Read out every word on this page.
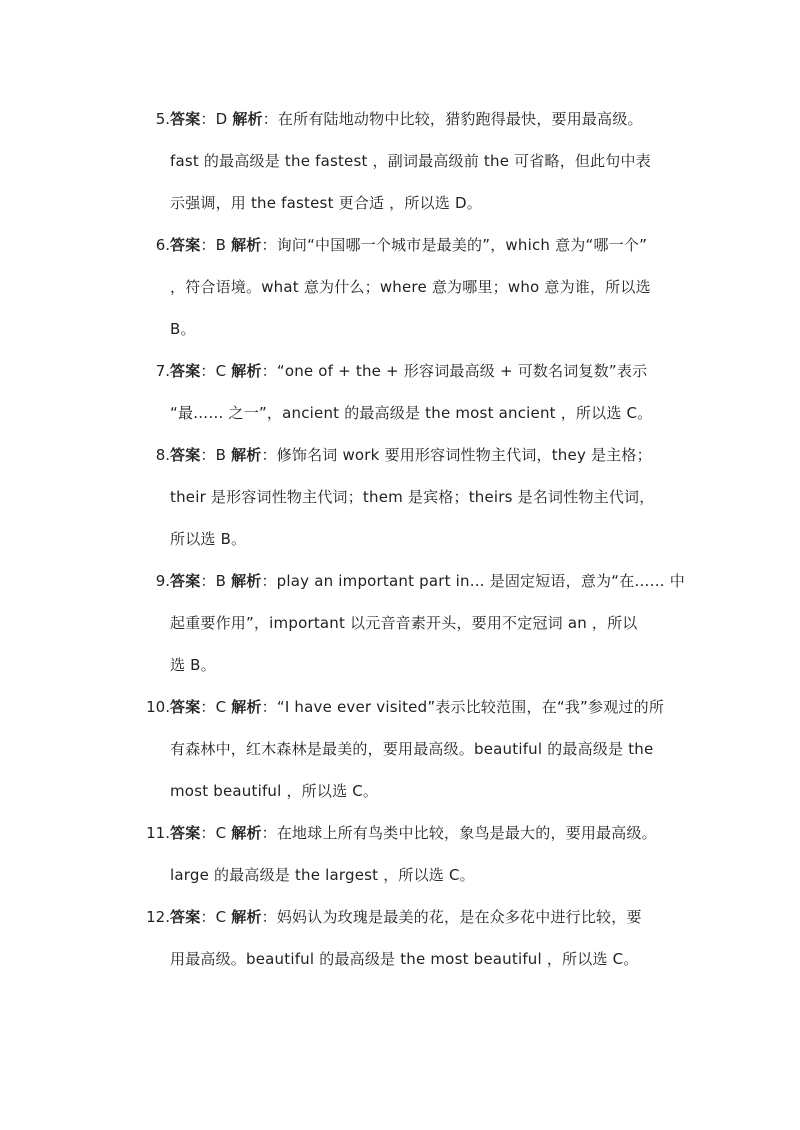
5. 答案：D 解析：在所有陆地动物中比较，猎豹跑得最快，要用最高级。
fast 的最高级是 the fastest ，副词最高级前 the 可省略，但此句中表
示强调，用 the fastest 更合适 ，所以选 D。
6. 答案：B 解析：询问“中国哪一个城市是最美的”，which 意为“哪一个”
，符合语境。what 意为什么；where 意为哪里；who 意为谁，所以选
B。
7. 答案：C 解析：“one of + the + 形容词最高级 + 可数名词复数”表示
“最…… 之一”，ancient 的最高级是 the most ancient ，所以选 C。
8. 答案：B 解析：修饰名词 work 要用形容词性物主代词，they 是主格；
their 是形容词性物主代词；them 是宾格；theirs 是名词性物主代词，
所以选 B。
9. 答案：B 解析：play an important part in... 是固定短语，意为“在…… 中
起重要作用”，important 以元音音素开头，要用不定冠词 an ，所以
选 B。
10. 答案：C 解析：“I have ever visited”表示比较范围，在“我”参观过的所
有森林中，红木森林是最美的，要用最高级。beautiful 的最高级是 the
most beautiful ，所以选 C。
11. 答案：C 解析：在地球上所有鸟类中比较，象鸟是最大的，要用最高级。
large 的最高级是 the largest ，所以选 C。
12. 答案：C 解析：妈妈认为玫瑰是最美的花，是在众多花中进行比较，要
用最高级。beautiful 的最高级是 the most beautiful ，所以选 C。
